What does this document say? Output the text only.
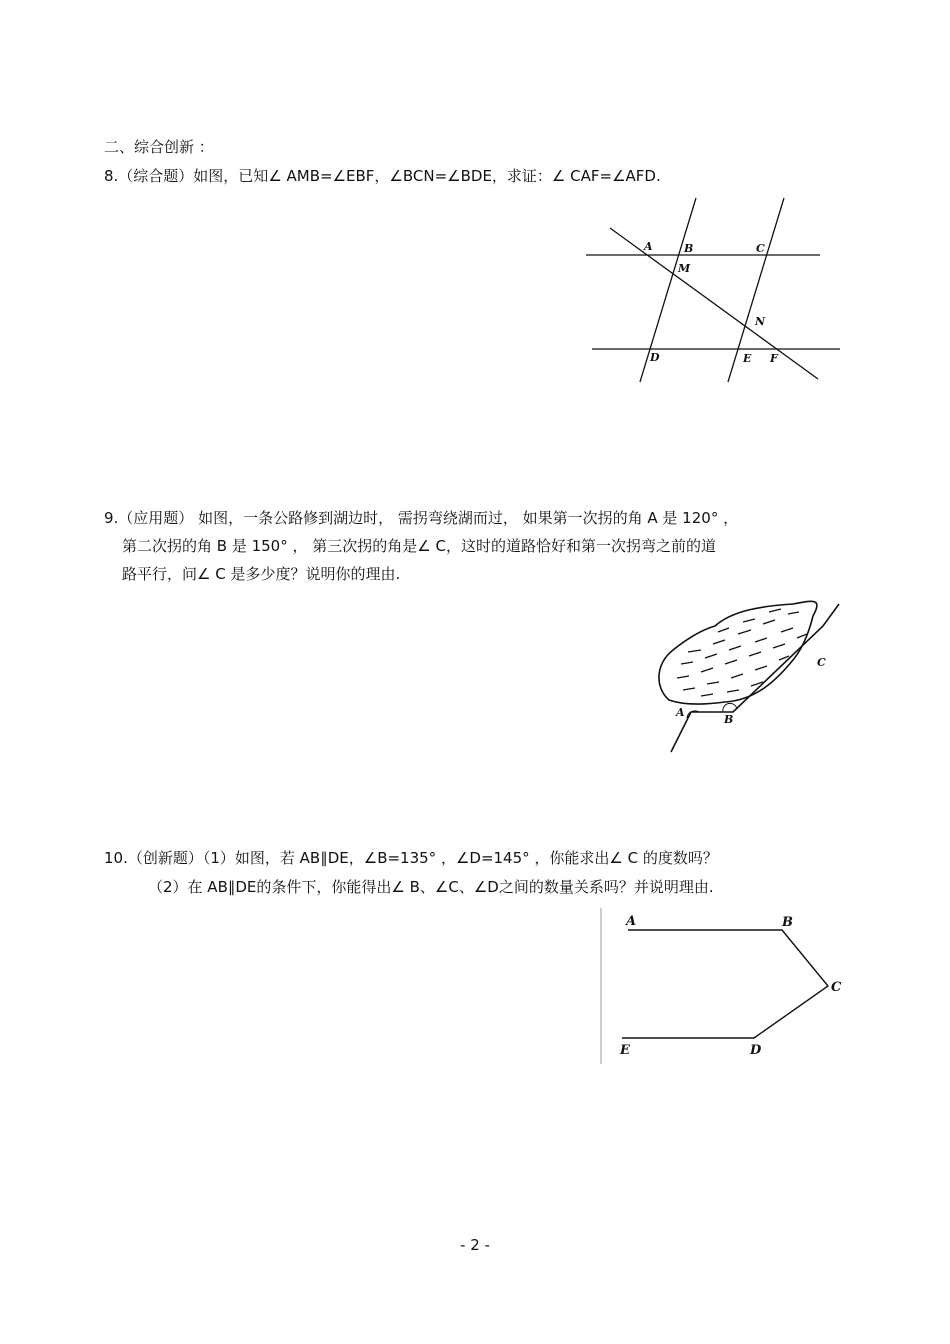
二、综合创新 ：
8.（综合题）如图，已知∠ AMB=∠EBF，∠BCN=∠BDE，求证：∠ CAF=∠AFD.
A	B	C
M
N
D	E F
9.（应用题） 如图，一条公路修到湖边时， 需拐弯绕湖而过， 如果第一次拐的角 A 是 120° ，
第二次拐的角 B 是 150° ， 第三次拐的角是∠ C，这时的道路恰好和第一次拐弯之前的道
路平行，问∠ C 是多少度？说明你的理由.
A
B
C
10.（创新题）（1）如图，若 AB∥DE，∠B=135° ，∠D=145° ，你能求出∠ C 的度数吗？
（2）在 AB∥DE的条件下，你能得出∠ B、∠C、∠D之间的数量关系吗？并说明理由.
A	B
C
D
E
- 2 -
